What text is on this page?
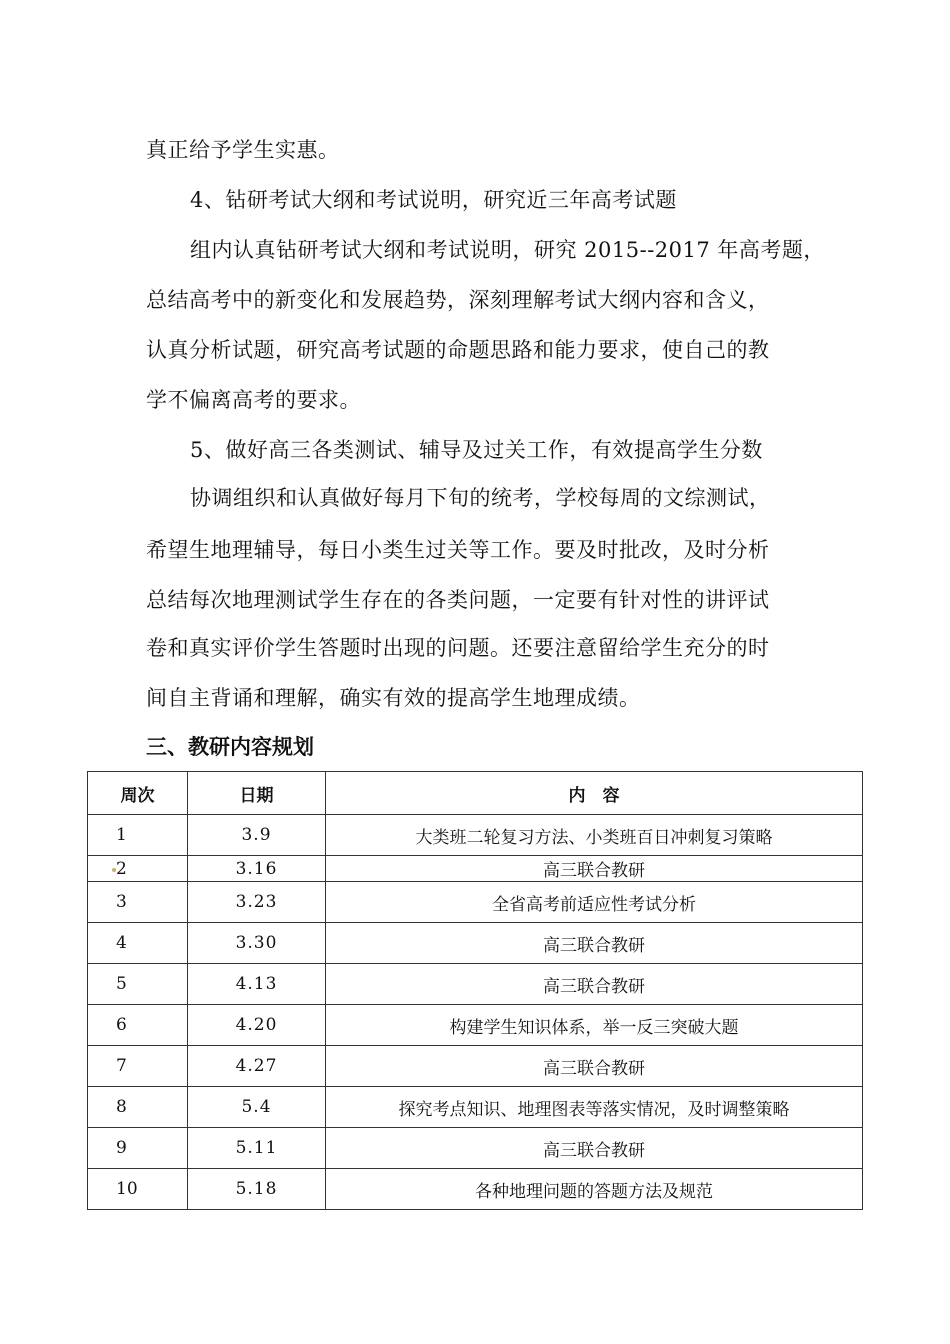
真正给予学生实惠。
4、钻研考试大纲和考试说明，研究近三年高考试题
组内认真钻研考试大纲和考试说明，研究 2015--2017 年高考题，
总结高考中的新变化和发展趋势，深刻理解考试大纲内容和含义，
认真分析试题，研究高考试题的命题思路和能力要求，使自己的教
学不偏离高考的要求。
5、做好高三各类测试、辅导及过关工作，有效提高学生分数
协调组织和认真做好每月下旬的统考，学校每周的文综测试，
希望生地理辅导，每日小类生过关等工作。要及时批改，及时分析
总结每次地理测试学生存在的各类问题，一定要有针对性的讲评试
卷和真实评价学生答题时出现的问题。还要注意留给学生充分的时
间自主背诵和理解，确实有效的提高学生地理成绩。
三、教研内容规划
周次	日期	内　容
1	3.9	大类班二轮复习方法、小类班百日冲刺复习策略
2	3.16	高三联合教研
3	3.23	全省高考前适应性考试分析
4	3.30	高三联合教研
5	4.13	高三联合教研
6	4.20	构建学生知识体系，举一反三突破大题
7	4.27	高三联合教研
8	5.4	探究考点知识、地理图表等落实情况，及时调整策略
9	5.11	高三联合教研
10	5.18	各种地理问题的答题方法及规范
